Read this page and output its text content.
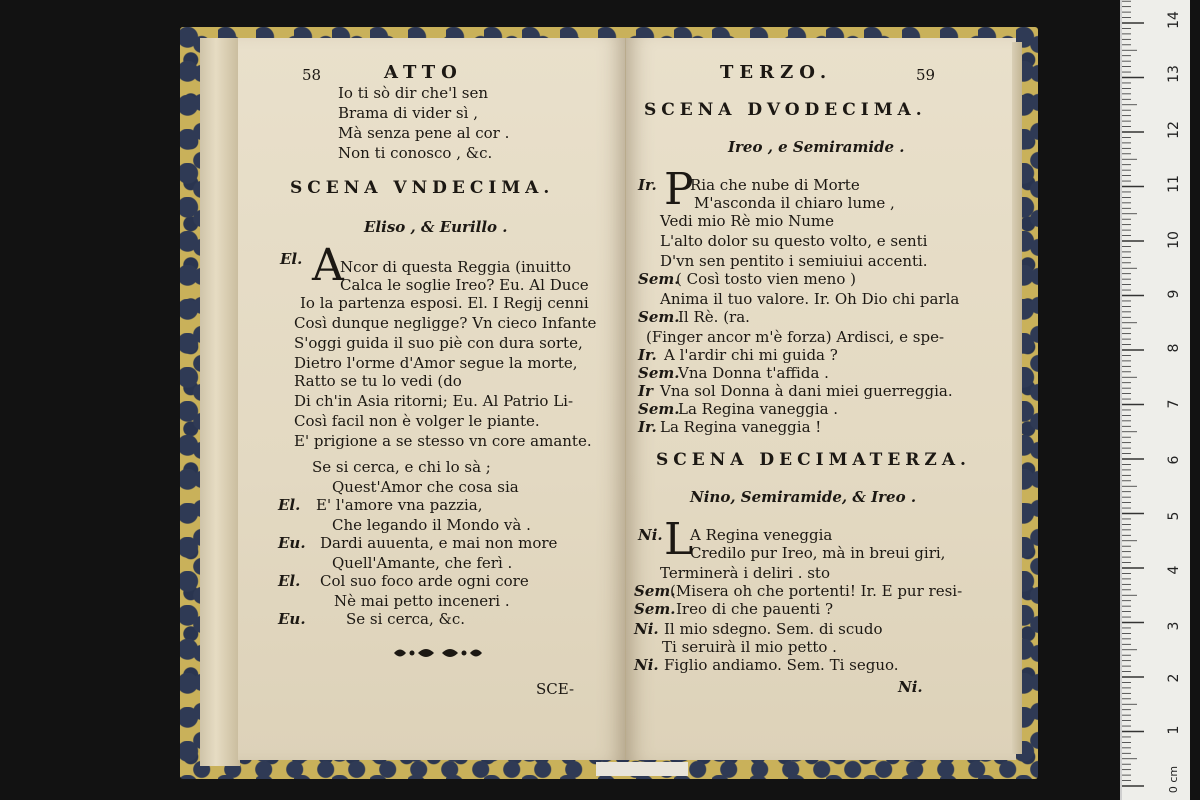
58	ATTO
Io ti sò dir che'l sen
Brama di vider sì ,
Mà senza pene al cor .
Non ti conosco , &c.
SCENA VNDECIMA.
Eliso , & Eurillo .
El. A
Ncor di questa Reggia (inuitto
Calca le soglie Ireo? Eu. Al Duce
Io la partenza esposi. El. I Regij cenni
Così dunque negligge? Vn cieco Infante
S'oggi guida il suo piè con dura sorte,
Dietro l'orme d'Amor segue la morte,
Ratto se tu lo vedi (do
Di ch'in Asia ritorni; Eu. Al Patrio Li-
Così facil non è volger le piante.
E' prigione a se stesso vn core amante.
Se si cerca, e chi lo sà ;
Quest'Amor che cosa sia
El. E' l'amore vna pazzia,
Che legando il Mondo và .
Eu. Dardi auuenta, e mai non more
Quell'Amante, che ferì .
El. Col suo foco arde ogni core
Nè mai petto inceneri .
Eu.	Se si cerca, &c.
SCE-
TERZO.	59
SCENA DVODECIMA.
Ireo , e Semiramide .
Ir. P
Ria che nube di Morte
M'asconda il chiaro lume ,
Vedi mio Rè mio Nume
L'alto dolor su questo volto, e senti
D'vn sen pentito i semiuiui accenti.
Sem.
( Così tosto vien meno )
Anima il tuo valore. Ir. Oh Dio chi parla
Sem.
Il Rè. (ra.
(Finger ancor m'è forza) Ardisci, e spe-
Ir. A l'ardir chi mi guida ?
Sem.
Vna Donna t'affida .
Ir Vna sol Donna à dani miei guerreggia.
Sem.
La Regina vaneggia .
Ir. La Regina vaneggia !
SCENA DECIMATERZA.
Nino, Semiramide, & Ireo .
Ni. L
A Regina veneggia
Credilo pur Ireo, mà in breui giri,
Terminerà i deliri . sto
Sem.
(Misera oh che portenti! Ir. E pur resi-
Sem. Ireo di che pauenti ?
Ni. Il mio sdegno. Sem. di scudo
Ti seruirà il mio petto .
Ni. Figlio andiamo. Sem. Ti seguo.
Ni.
0 cm
1
2
3
4
5
6
7
8
9
10
11
12
13
14
